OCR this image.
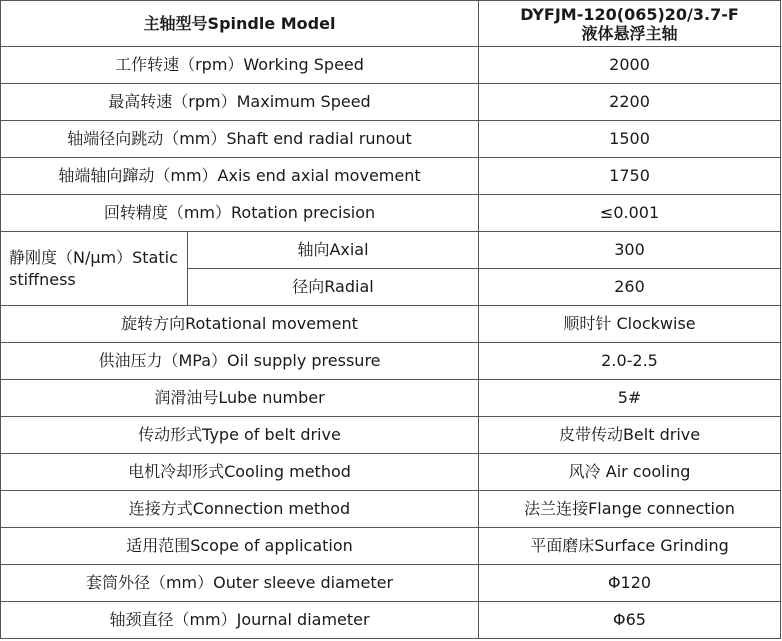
主轴型号Spindle Model		DYFJM-120(065)20/3.7-F
液体悬浮主轴

工作转速（rpm）Working Speed		2000
最高转速（rpm）Maximum Speed		2200
轴端径向跳动（mm）Shaft end radial runout		1500
轴端轴向蹿动（mm）Axis end axial movement		1750
回转精度（mm）Rotation precision		≤0.001
静刚度（N/μm）Static stiffness	轴向Axial	300
	径向Radial	260
旋转方向Rotational movement		顺时针 Clockwise
供油压力（MPa）Oil supply pressure		2.0-2.5
润滑油号Lube number		5#
传动形式Type of belt drive		皮带传动Belt drive
电机冷却形式Cooling method		风冷 Air cooling
连接方式Connection method		法兰连接Flange connection
适用范围Scope of application		平面磨床Surface Grinding
套筒外径（mm）Outer sleeve diameter		Φ120
轴颈直径（mm）Journal diameter		Φ65
